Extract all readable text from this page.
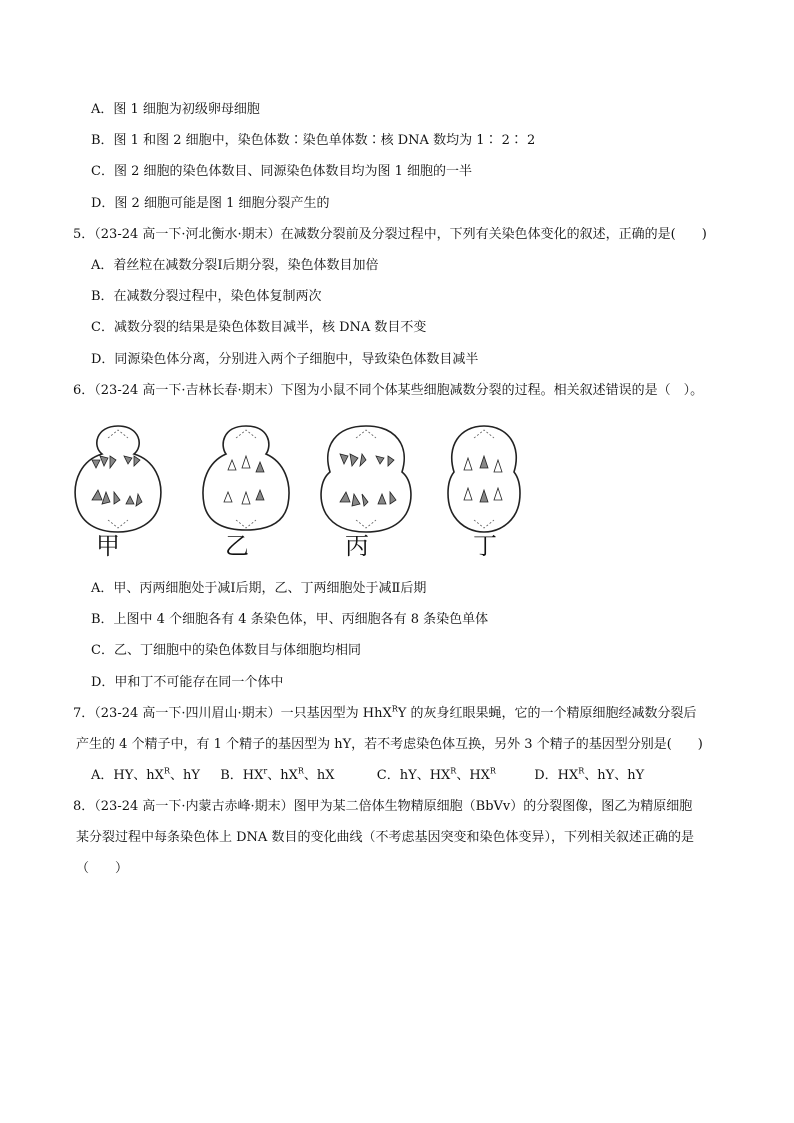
A．图 1 细胞为初级卵母细胞
B．图 1 和图 2 细胞中，染色体数∶染色单体数∶核 DNA 数均为 1∶ 2∶ 2
C．图 2 细胞的染色体数目、同源染色体数目均为图 1 细胞的一半
D．图 2 细胞可能是图 1 细胞分裂产生的
5．（23-24 高一下·河北衡水·期末）在减数分裂前及分裂过程中，下列有关染色体变化的叙述，正确的是(　　)
A．着丝粒在减数分裂Ⅰ后期分裂，染色体数目加倍
B．在减数分裂过程中，染色体复制两次
C．减数分裂的结果是染色体数目减半，核 DNA 数目不变
D．同源染色体分离，分别进入两个子细胞中，导致染色体数目减半
6．（23-24 高一下·吉林长春·期末）下图为小鼠不同个体某些细胞减数分裂的过程。相关叙述错误的是（　）。
甲	乙	丙	丁
A．甲、丙两细胞处于减Ⅰ后期，乙、丁两细胞处于减Ⅱ后期
B．上图中 4 个细胞各有 4 条染色体，甲、丙细胞各有 8 条染色单体
C．乙、丁细胞中的染色体数目与体细胞均相同
D．甲和丁不可能存在同一个体中
7．（23-24 高一下·四川眉山·期末）一只基因型为 HhX$^R$Y 的灰身红眼果蝇，它的一个精原细胞经减数分裂后
产生的 4 个精子中，有 1 个精子的基因型为 hY，若不考虑染色体互换，另外 3 个精子的基因型分别是(　　)
A．HY、$hX^R$、hY B．$HX^r$、$hX^R$、hX	C．hY、$HX^R$、$HX^R$	D．$HX^R$、hY、hY
8．（23-24 高一下·内蒙古赤峰·期末）图甲为某二倍体生物精原细胞（BbVv）的分裂图像，图乙为精原细胞
某分裂过程中每条染色体上 DNA 数目的变化曲线（不考虑基因突变和染色体变异），下列相关叙述正确的是
（　　）
